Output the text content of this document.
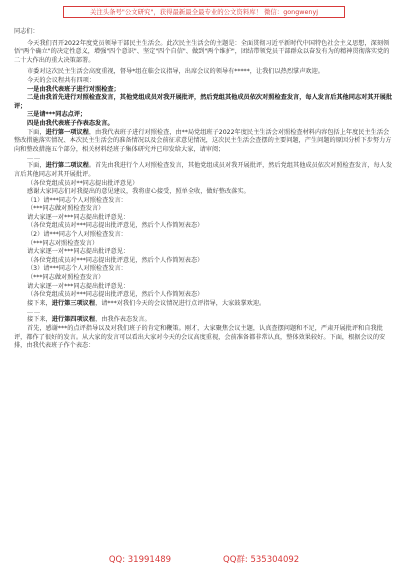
关注头条号"公文研究"，获得最新最全最专业的公文资料库！ 微信：gongwenyj

同志们：

今天我们召开2022年度党员领导干部民主生活会。此次民主生活会的主题是：全面贯彻习近平新时代中国特色社会主义思想，深刻领悟"两个确立"的决定性意义，增强"四个意识"、坚定"四个自信"、做到"两个维护"，团结带领党员干部群众以奋发有为的精神贯彻落实党的二十大作出的重大决策部署。

市委对这次民主生活会高度重视，督导*组在临会议指导，出席会议的领导有*****，让我们以热烈掌声欢迎。

今天的会议程共有四项：

一是由我代表班子进行对照检查；

二是由我首先进行对照检查发言，其他党组成员对我开展批评，然后党组其他成员依次对照检查发言，每人发言后其他同志对其开展批评；

三是请***同志点评；

四是由我代表班子作表态发言。

下面，进行第一项议程，由我代表班子进行对照检查，由**局党组班子2022年度民主生活会对照检查材料内容包括上年度民主生活会整改措施落实情况、本次民主生活会的准备情况以及会前征求意见情况，这次民主生活会查摆的主要问题，产生问题的原因分析下步努力方向和整改措施五个部分，相关材料经班子集体研究并已印发给大家，请审阅；

……

下面，进行第二项议程。首先由我进行个人对照检查发言，其他党组成员对我开展批评，然后党组其他成员依次对照检查发言，每人发言后其他同志对其开展批评。

（各位党组成员对**同志提出批评意见）

感谢大家同志们对我提出的意见建议，我将虚心接受，照单全收，做好整改落实。

（1）请***同志个人对照检查发言：

（***同志做对照检查发言）

请大家逐一对***同志提出批评意见：

（各位党组成员对***同志提出批评意见，然后个人作简短表态）

（2）请***同志个人对照检查发言：

（***同志对照检查发言）

请大家逐一对***同志提出批评意见：

（各位党组成员对***同志提出批评意见，然后个人作简短表态）

（3）请***同志个人对照检查发言：

（***同志做对照检查发言）

请大家逐一对***同志提出批评意见：

（各位党组成员对***同志提出批评意见，然后个人作简短表态）

接下来，进行第三项议程，请***对我们今天的会议情况进行点评指导，大家鼓掌欢迎。

……

接下来，进行第四项议程，由我作表态发言。

首先，感谢***的点评指导以及对我们班子的肯定和鞭策。刚才，大家聚焦会议主题，认真查摆问题和不足，严肃开展批评和自我批评，都作了很好的发言。从大家的发言可以看出大家对今天的会议高度重视，会前准备都非常认真，整体效果较好。下面，根据会议的安排，由我代表班子作个表态：

QQ: 31991489	QQ群: 535304092
